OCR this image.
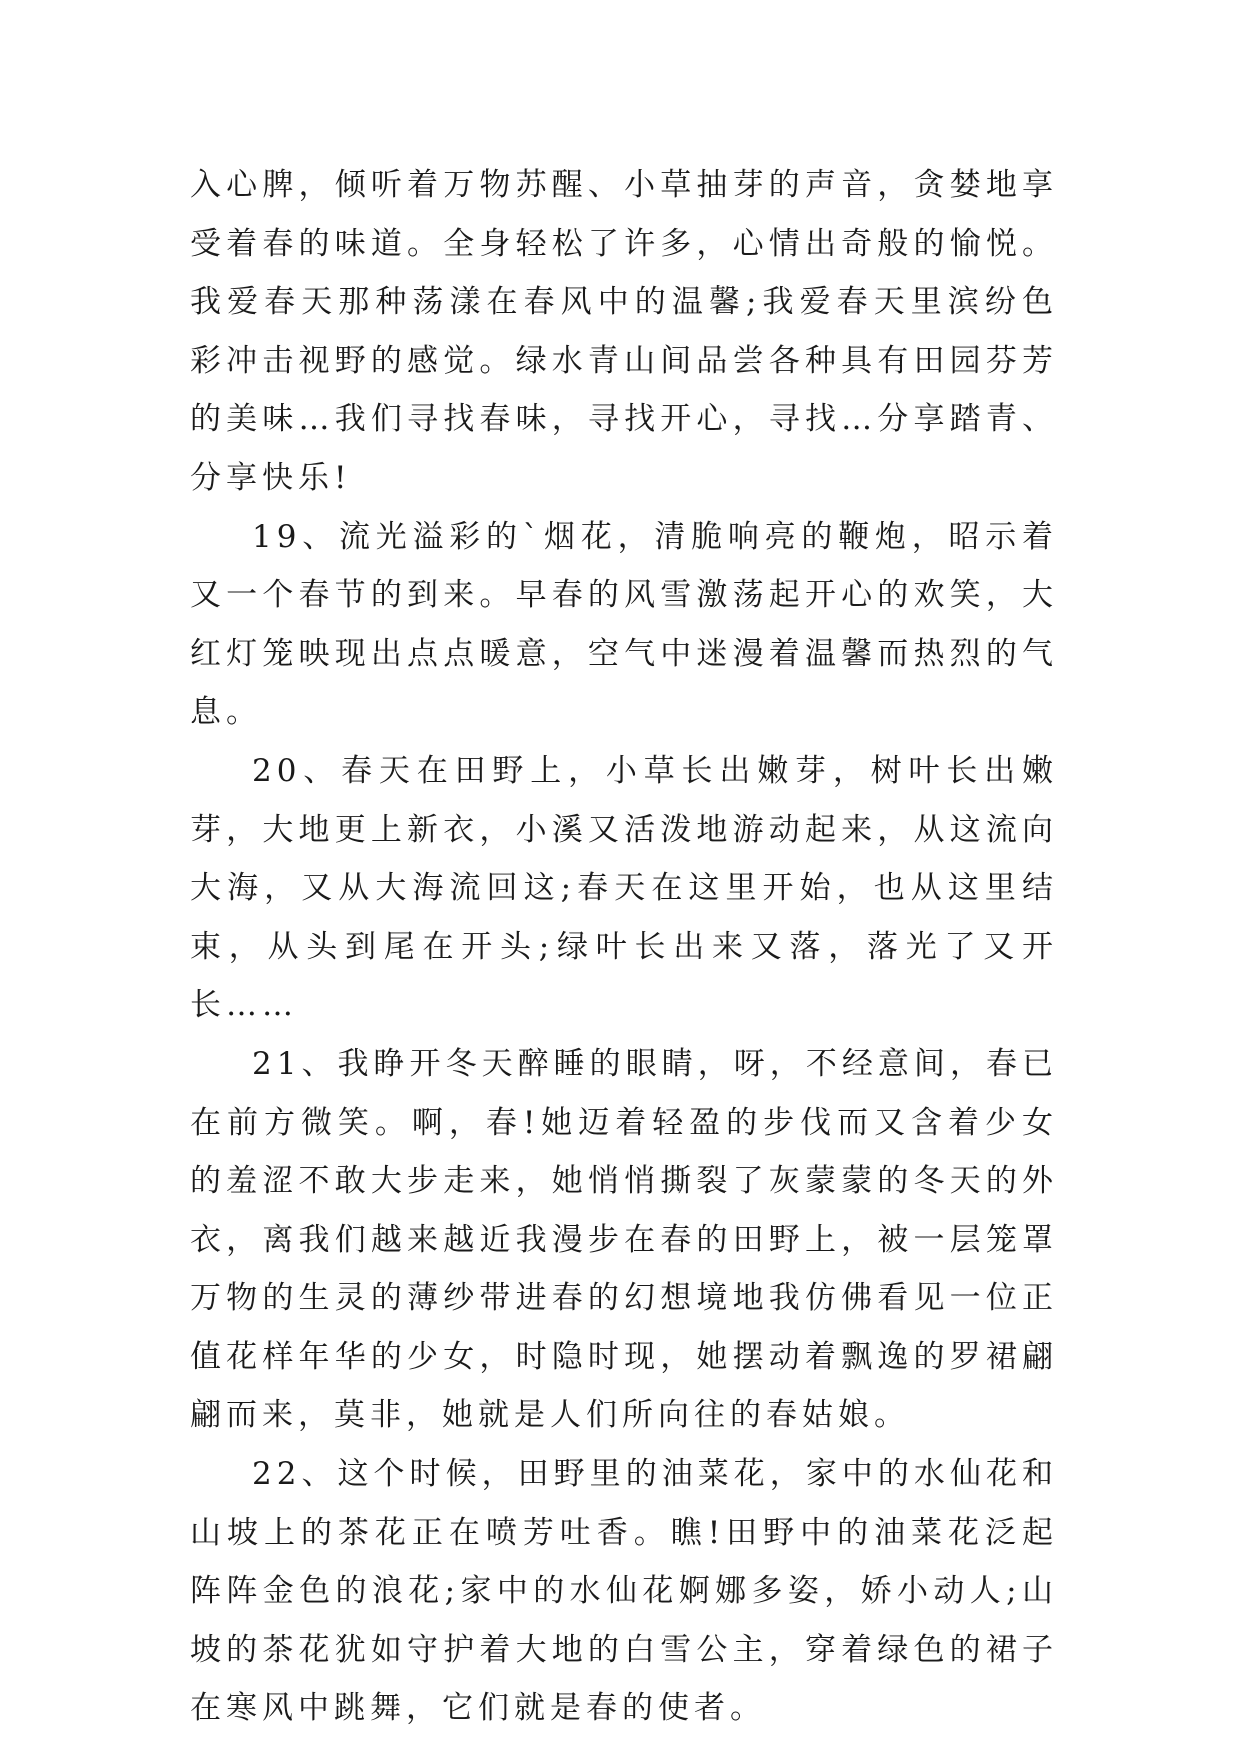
入心脾，倾听着万物苏醒、小草抽芽的声音，贪婪地享受着春的味道。全身轻松了许多，心情出奇般的愉悦。我爱春天那种荡漾在春风中的温馨;我爱春天里滨纷色彩冲击视野的感觉。绿水青山间品尝各种具有田园芬芳的美味…我们寻找春味，寻找开心，寻找…分享踏青、分享快乐!

19、流光溢彩的`烟花，清脆响亮的鞭炮，昭示着又一个春节的到来。早春的风雪激荡起开心的欢笑，大红灯笼映现出点点暖意，空气中迷漫着温馨而热烈的气息。

20、春天在田野上，小草长出嫩芽，树叶长出嫩芽，大地更上新衣，小溪又活泼地游动起来，从这流向大海，又从大海流回这;春天在这里开始，也从这里结束，从头到尾在开头;绿叶长出来又落，落光了又开长……

21、我睁开冬天醉睡的眼睛，呀，不经意间，春已在前方微笑。啊，春!她迈着轻盈的步伐而又含着少女的羞涩不敢大步走来，她悄悄撕裂了灰蒙蒙的冬天的外衣，离我们越来越近我漫步在春的田野上，被一层笼罩万物的生灵的薄纱带进春的幻想境地我仿佛看见一位正值花样年华的少女，时隐时现，她摆动着飘逸的罗裙翩翩而来，莫非，她就是人们所向往的春姑娘。

22、这个时候，田野里的油菜花，家中的水仙花和山坡上的茶花正在喷芳吐香。瞧!田野中的油菜花泛起阵阵金色的浪花;家中的水仙花婀娜多姿，娇小动人;山坡的茶花犹如守护着大地的白雪公主，穿着绿色的裙子在寒风中跳舞，它们就是春的使者。
